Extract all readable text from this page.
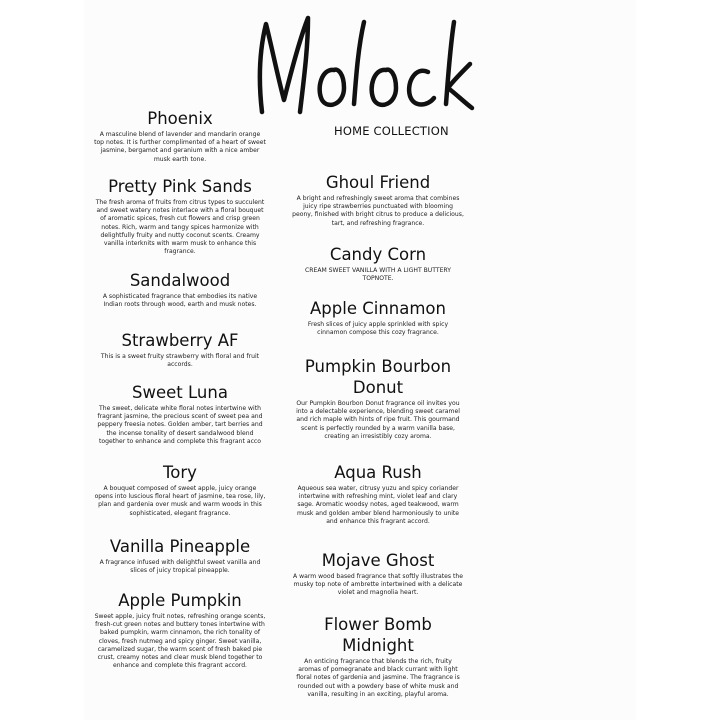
HOME COLLECTION
Phoenix
A masculine blend of lavender and mandarin orange top notes. It is further complimented of a heart of sweet jasmine, bergamot and geranium with a nice amber musk earth tone.
Pretty Pink Sands
The fresh aroma of fruits from citrus types to succulent and sweet watery notes interlace with a floral bouquet of aromatic spices, fresh cut flowers and crisp green notes. Rich, warm and tangy spices harmonize with delightfully fruity and nutty coconut scents. Creamy vanilla interknits with warm musk to enhance this fragrance.
Sandalwood
A sophisticated fragrance that embodies its native Indian roots through wood, earth and musk notes.
Strawberry AF
This is a sweet fruity strawberry with floral and fruit accords.
Sweet Luna
The sweet, delicate white floral notes intertwine with fragrant jasmine, the precious scent of sweet pea and peppery freesia notes. Golden amber, tart berries and the incense tonality of desert sandalwood blend together to enhance and complete this fragrant acco
Tory
A bouquet composed of sweet apple, juicy orange opens into luscious floral heart of jasmine, tea rose, lily, plan and gardenia over musk and warm woods in this sophisticated, elegant fragrance.
Vanilla Pineapple
A fragrance infused with delightful sweet vanilla and slices of juicy tropical pineapple.
Apple Pumpkin
Sweet apple, juicy fruit notes, refreshing orange scents, fresh-cut green notes and buttery tones intertwine with baked pumpkin, warm cinnamon, the rich tonality of cloves, fresh nutmeg and spicy ginger. Sweet vanilla, caramelized sugar, the warm scent of fresh baked pie crust, creamy notes and clear musk blend together to enhance and complete this fragrant accord.
Ghoul Friend
A bright and refreshingly sweet aroma that combines juicy ripe strawberries punctuated with blooming peony, finished with bright citrus to produce a delicious, tart, and refreshing fragrance.
Candy Corn
CREAM SWEET VANILLA WITH A LIGHT BUTTERY TOPNOTE.
Apple Cinnamon
Fresh slices of juicy apple sprinkled with spicy cinnamon compose this cozy fragrance.
Pumpkin Bourbon Donut
Our Pumpkin Bourbon Donut fragrance oil invites you into a delectable experience, blending sweet caramel and rich maple with hints of ripe fruit. This gourmand scent is perfectly rounded by a warm vanilla base, creating an irresistibly cozy aroma.
Aqua Rush
Aqueous sea water, citrusy yuzu and spicy coriander intertwine with refreshing mint, violet leaf and clary sage. Aromatic woodsy notes, aged teakwood, warm musk and golden amber blend harmoniously to unite and enhance this fragrant accord.
Mojave Ghost
A warm wood based fragrance that softly illustrates the musky top note of ambrette intertwined with a delicate violet and magnolia heart.
Flower Bomb Midnight
An enticing fragrance that blends the rich, fruity aromas of pomegranate and black currant with light floral notes of gardenia and jasmine. The fragrance is rounded out with a powdery base of white musk and vanilla, resulting in an exciting, playful aroma.
